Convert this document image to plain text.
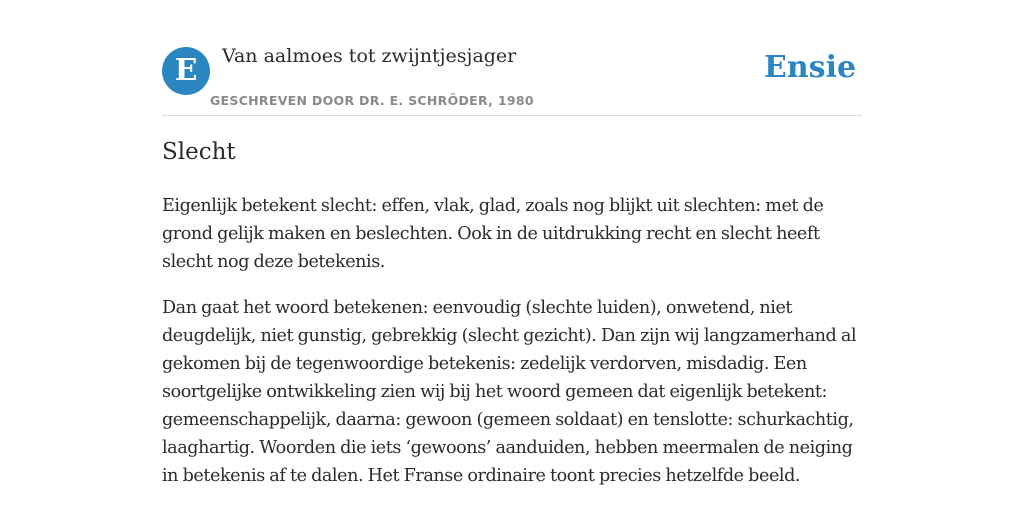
E	Van aalmoes tot zwijntjesjager
GESCHREVEN DOOR DR. E. SCHRÖDER, 1980
Ensie
Slecht

Eigenlijk betekent slecht: effen, vlak, glad, zoals nog blijkt uit slechten: met de
grond gelijk maken en beslechten. Ook in de uitdrukking recht en slecht heeft
slecht nog deze betekenis.

Dan gaat het woord betekenen: eenvoudig (slechte luiden), onwetend, niet
deugdelijk, niet gunstig, gebrekkig (slecht gezicht). Dan zijn wij langzamerhand al
gekomen bij de tegenwoordige betekenis: zedelijk verdorven, misdadig. Een
soortgelijke ontwikkeling zien wij bij het woord gemeen dat eigenlijk betekent:
gemeenschappelijk, daarna: gewoon (gemeen soldaat) en tenslotte: schurkachtig,
laaghartig. Woorden die iets ‘gewoons’ aanduiden, hebben meermalen de neiging
in betekenis af te dalen. Het Franse ordinaire toont precies hetzelfde beeld.
